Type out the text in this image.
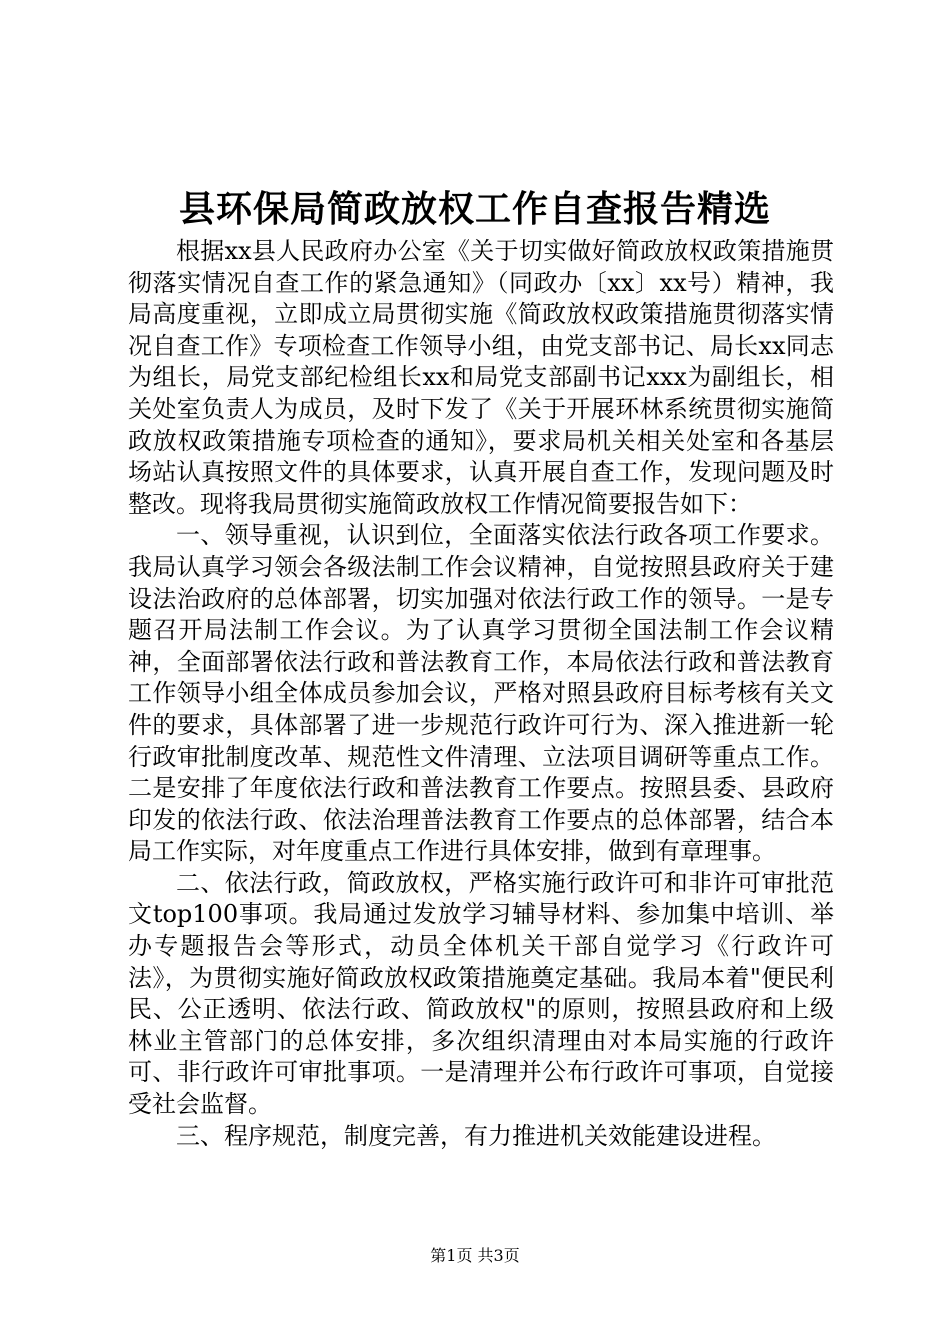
县环保局简政放权工作自查报告精选

根据xx县人民政府办公室《关于切实做好简政放权政策措施贯彻落实情况自查工作的紧急通知》（同政办〔xx〕xx号）精神，我局高度重视，立即成立局贯彻实施《简政放权政策措施贯彻落实情况自查工作》专项检查工作领导小组，由党支部书记、局长xx同志为组长，局党支部纪检组长xx和局党支部副书记xxx为副组长，相关处室负责人为成员，及时下发了《关于开展环林系统贯彻实施简政放权政策措施专项检查的通知》，要求局机关相关处室和各基层场站认真按照文件的具体要求，认真开展自查工作，发现问题及时整改。现将我局贯彻实施简政放权工作情况简要报告如下：

一、领导重视，认识到位，全面落实依法行政各项工作要求。我局认真学习领会各级法制工作会议精神，自觉按照县政府关于建设法治政府的总体部署，切实加强对依法行政工作的领导。一是专题召开局法制工作会议。为了认真学习贯彻全国法制工作会议精神，全面部署依法行政和普法教育工作，本局依法行政和普法教育工作领导小组全体成员参加会议，严格对照县政府目标考核有关文件的要求，具体部署了进一步规范行政许可行为、深入推进新一轮行政审批制度改革、规范性文件清理、立法项目调研等重点工作。二是安排了年度依法行政和普法教育工作要点。按照县委、县政府印发的依法行政、依法治理普法教育工作要点的总体部署，结合本局工作实际，对年度重点工作进行具体安排，做到有章理事。

二、依法行政，简政放权，严格实施行政许可和非许可审批范文top100事项。我局通过发放学习辅导材料、参加集中培训、举办专题报告会等形式，动员全体机关干部自觉学习《行政许可法》，为贯彻实施好简政放权政策措施奠定基础。我局本着"便民利民、公正透明、依法行政、简政放权"的原则，按照县政府和上级林业主管部门的总体安排，多次组织清理由对本局实施的行政许可、非行政许可审批事项。一是清理并公布行政许可事项，自觉接受社会监督。

三、程序规范，制度完善，有力推进机关效能建设进程。

第1页 共3页
